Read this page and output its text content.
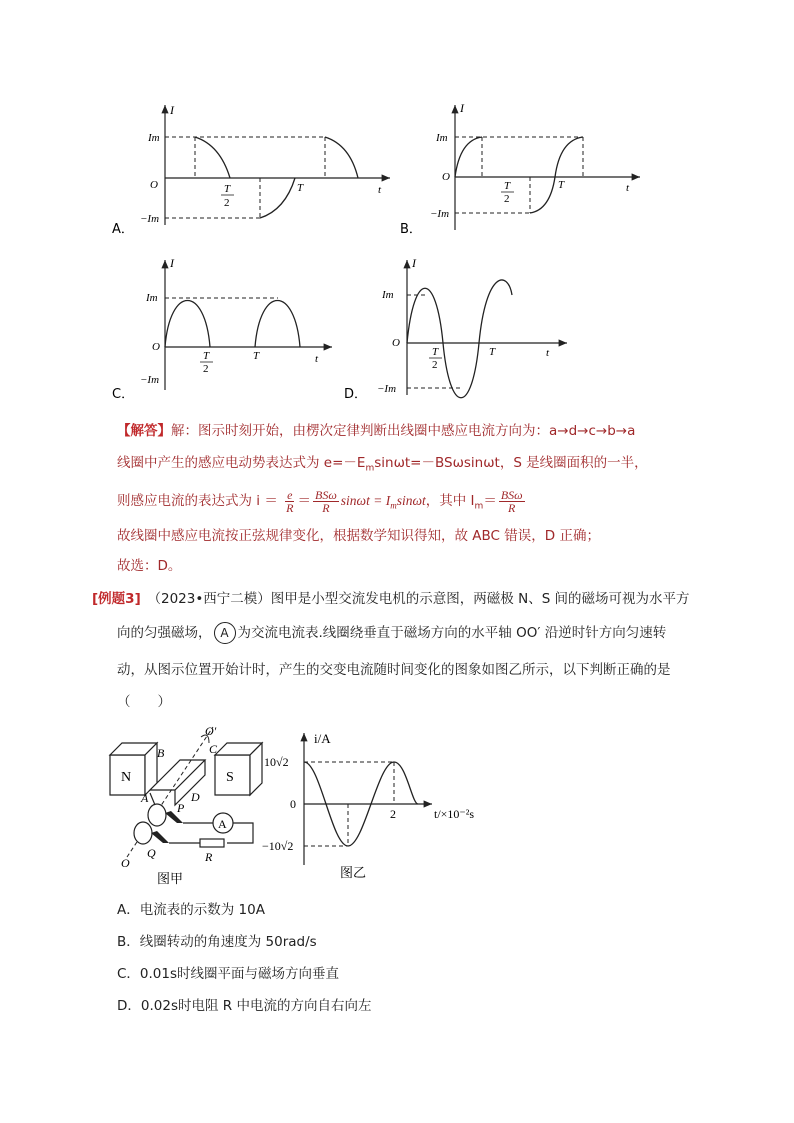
I
Im
−Im
O	T
2
T	t
A．
I
Im
−Im
O
T
2
T	t
B．
I
Im
−Im
O
T
2
T	t
C．
I
Im
−Im
O
T
2
T	t
D．
【解答】解：图示时刻开始，由楞次定律判断出线圈中感应电流方向为：a→d→c→b→a
线圈中产生的感应电动势表达式为 $e=-E_m\sin\omega t=-BS\omega\sin\omega t$，S 是线圈面积的一半，
则感应电流的表达式为 $i = \frac{e}{R} = \frac{\text{BSω}}{R}$ $\sin\omega t = I_m\sin\omega t$，其中 $I_m= \frac{\text{BSω}}{R}$
故线圈中感应电流按正弦规律变化，根据数学知识得知，故 ABC 错误，D 正确；
故选：D。
[例题3]　 （2023•西宁二模）图甲是小型交流发电机的示意图，两磁极 N、S 间的磁场可视为水平方
向的匀强磁场， A 为交流电流表.线圈绕垂直于磁场方向的水平轴 OO′ 沿逆时针方向匀速转
动，从图示位置开始计时，产生的交变电流随时间变化的图象如图乙所示，以下判断正确的是
（　　）
N	S
A
B	C
A	D
P
Q	R
O
O′
图甲
i/A
10√2
−10√2
0
2	t/×10⁻²s
图乙
A．电流表的示数为 10A
B．线圈转动的角速度为 50rad/s
C．0.01s时线圈平面与磁场方向垂直
D．0.02s时电阻 R 中电流的方向自右向左
